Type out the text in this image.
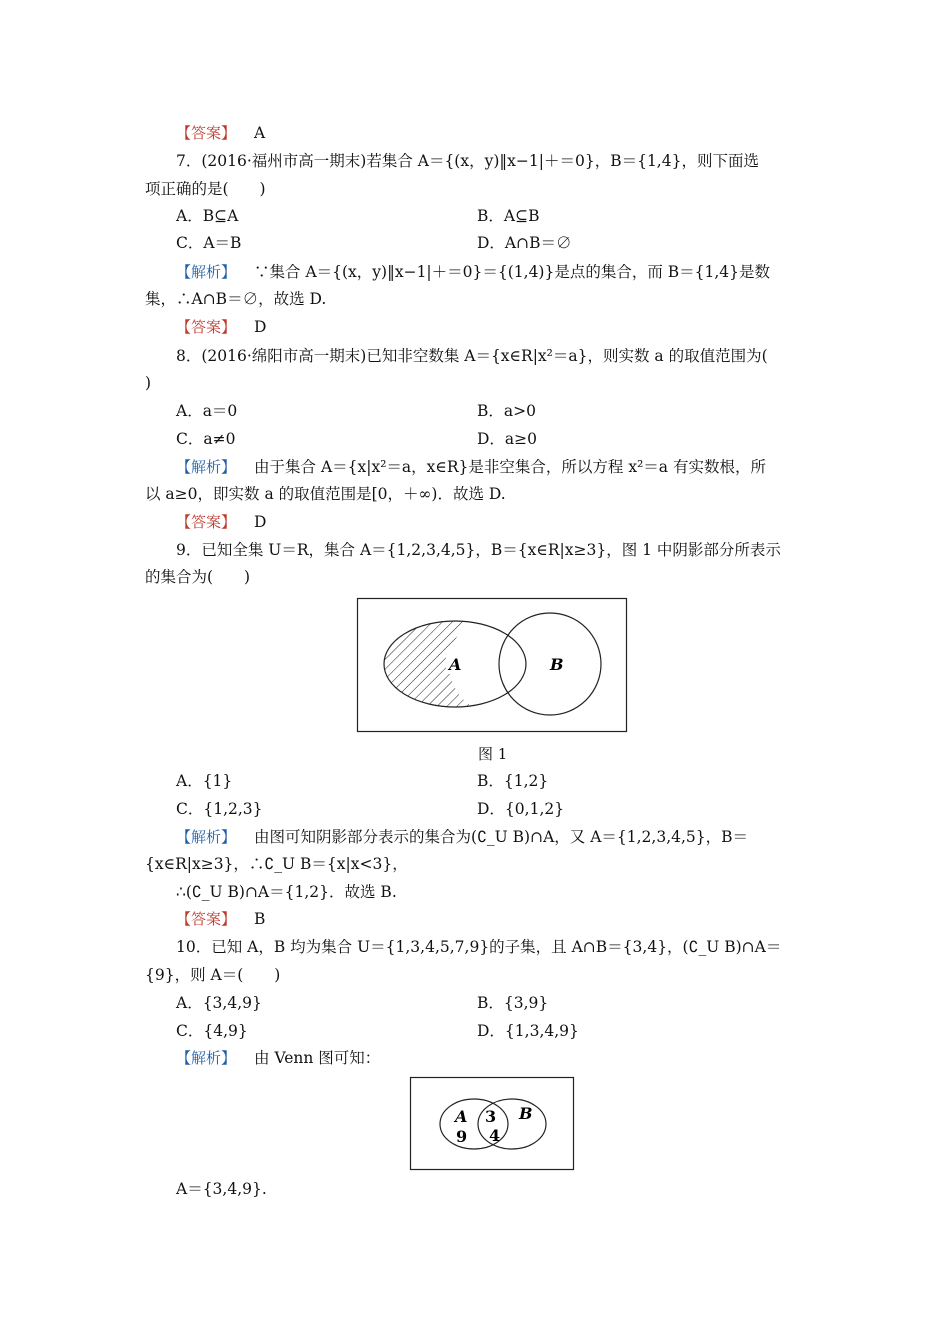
【答案】 A
7．(2016·福州市高一期末)若集合 A＝{(x，y)‖x−1|＋＝0}，B＝{1,4}，则下面选
项正确的是(　　)
A．B⊆A	B．A⊆B
C．A＝B	D．A∩B＝∅
【解析】 ∵集合 A＝{(x，y)‖x−1|＋＝0}＝{(1,4)}是点的集合，而 B＝{1,4}是数
集，∴A∩B＝∅，故选 D.
【答案】 D
8．(2016·绵阳市高一期末)已知非空数集 A＝{x∈R|x²＝a}，则实数 a 的取值范围为(
)
A．a＝0	B．a>0
C．a≠0	D．a≥0
【解析】 由于集合 A＝{x|x²＝a，x∈R}是非空集合，所以方程 x²＝a 有实数根，所
以 a≥0，即实数 a 的取值范围是[0，＋∞)．故选 D.
【答案】 D
9．已知全集 U＝R，集合 A＝{1,2,3,4,5}，B＝{x∈R|x≥3}，图 1 中阴影部分所表示
的集合为(　　)
A	B
图 1
A．{1}	B．{1,2}
C．{1,2,3}	D．{0,1,2}
【解析】 由图可知阴影部分表示的集合为(∁_U B)∩A，又 A＝{1,2,3,4,5}，B＝
{x∈R|x≥3}，∴∁_U B＝{x|x<3}，
∴(∁_U B)∩A＝{1,2}．故选 B.
【答案】 B
10．已知 A，B 均为集合 U＝{1,3,4,5,7,9}的子集，且 A∩B＝{3,4}，(∁_U B)∩A＝
{9}，则 A＝(　　)
A．{3,4,9}	B．{3,9}
C．{4,9}	D．{1,3,4,9}
【解析】 由 Venn 图可知：
A
9
3
4
B
A＝{3,4,9}.
